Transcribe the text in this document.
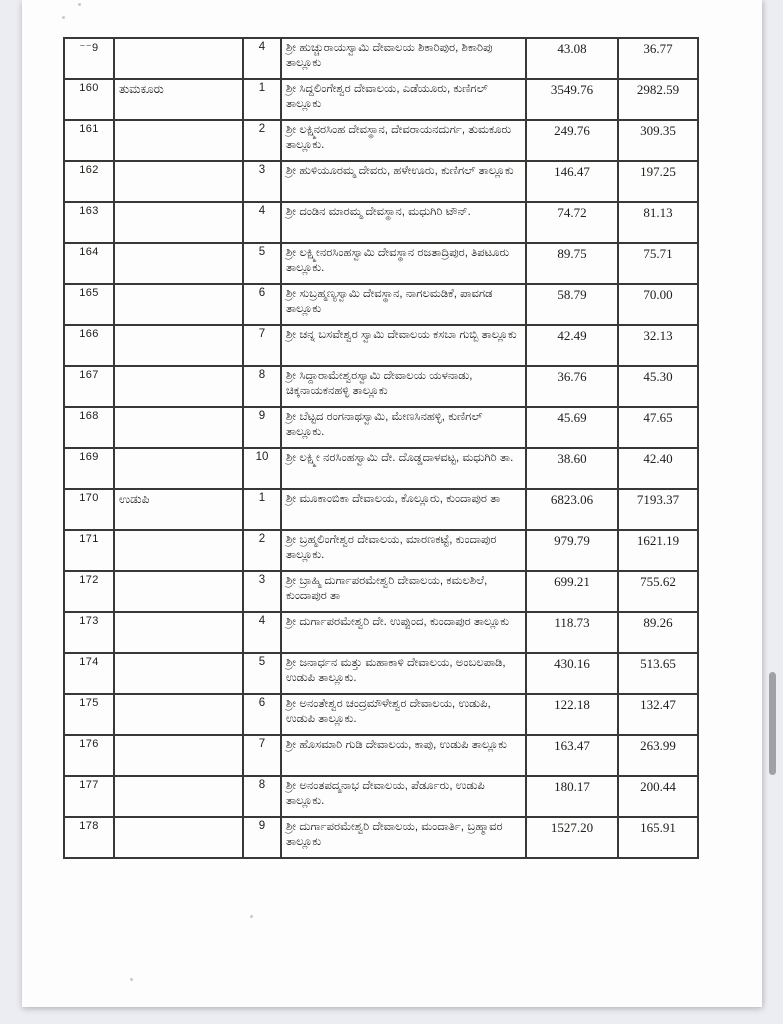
⁻⁻9		4	ಶ್ರೀ ಹುಚ್ಚುರಾಯಸ್ವಾಮಿ ದೇವಾಲಯ ಶಿಕಾರಿಪುರ, ಶಿಕಾರಿಪು ತಾಲ್ಲೂಕು	43.08	36.77
160	ತುಮಕೂರು	1	ಶ್ರೀ ಸಿದ್ದಲಿಂಗೇಶ್ವರ ದೇವಾಲಯ, ಎಡೆಯೂರು, ಕುಣಿಗಲ್ ತಾಲ್ಲೂಕು	3549.76	2982.59
161		2	ಶ್ರೀ ಲಕ್ಷ್ಮಿನರಸಿಂಹ ದೇವಸ್ಥಾನ, ದೇವರಾಯನದುರ್ಗ, ತುಮಕೂರು ತಾಲ್ಲೂಕು.	249.76	309.35
162		3	ಶ್ರೀ ಹುಳಿಯೂರಮ್ಮ ದೇವರು, ಹಳೇಊರು, ಕುಣಿಗಲ್ ತಾಲ್ಲೂಕು	146.47	197.25
163		4	ಶ್ರೀ ದಂಡಿನ ಮಾರಮ್ಮ ದೇವಸ್ಥಾನ, ಮಧುಗಿರಿ ಟೌನ್.	74.72	81.13
164		5	ಶ್ರೀ ಲಕ್ಷ್ಮೀನರಸಿಂಹಸ್ವಾಮಿ ದೇವಸ್ಥಾನ ರಜತಾದ್ರಿಪುರ, ತಿಪಟೂರು ತಾಲ್ಲೂಕು.	89.75	75.71
165		6	ಶ್ರೀ ಸುಬ್ರಹ್ಮಣ್ಯಸ್ವಾಮಿ ದೇವಸ್ಥಾನ, ನಾಗಲಮಡಿಕೆ, ಪಾವಗಡ ತಾಲ್ಲೂಕು	58.79	70.00
166		7	ಶ್ರೀ ಚನ್ನ ಬಸವೇಶ್ವರ ಸ್ವಾಮಿ ದೇವಾಲಯ ಕಸಬಾ ಗುಬ್ಬಿ ತಾಲ್ಲೂಕು	42.49	32.13
167		8	ಶ್ರೀ ಸಿದ್ದಾರಾಮೇಶ್ವರಸ್ವಾಮಿ ದೇವಾಲಯ ಯಳನಾಡು, ಚಿಕ್ಕನಾಯಕನಹಳ್ಳಿ ತಾಲ್ಲೂಕು	36.76	45.30
168		9	ಶ್ರೀ ಬೆಟ್ಟದ ರಂಗನಾಥಸ್ವಾಮಿ, ಮೇಣಸಿನಹಳ್ಳಿ, ಕುಣಿಗಲ್ ತಾಲ್ಲೂಕು.	45.69	47.65
169		10	ಶ್ರೀ ಲಕ್ಷ್ಮೀ ನರಸಿಂಹಸ್ವಾಮಿ ದೇ. ದೊಡ್ಡದಾಳವಟ್ಟ, ಮಧುಗಿರಿ ತಾ.	38.60	42.40
170	ಉಡುಪಿ	1	ಶ್ರೀ ಮೂಕಾಂಬಿಕಾ ದೇವಾಲಯ, ಕೊಲ್ಲೂರು, ಕುಂದಾಪುರ ತಾ	6823.06	7193.37
171		2	ಶ್ರೀ ಬ್ರಹ್ಮಲಿಂಗೇಶ್ವರ ದೇವಾಲಯ, ಮಾರಣಕಟ್ಟೆ, ಕುಂದಾಪುರ ತಾಲ್ಲೂಕು.	979.79	1621.19
172		3	ಶ್ರೀ ಬ್ರಾಹ್ಮಿ ದುರ್ಗಾಪರಮೇಶ್ವರಿ ದೇವಾಲಯ, ಕಮಲಶಿಲೆ, ಕುಂದಾಪುರ ತಾ	699.21	755.62
173		4	ಶ್ರೀ ದುರ್ಗಾಪರಮೇಶ್ವರಿ ದೇ. ಉಪ್ಪುಂದ, ಕುಂದಾಪುರ ತಾಲ್ಲೂಕು	118.73	89.26
174		5	ಶ್ರೀ ಜನಾರ್ಧನ ಮತ್ತು ಮಹಾಕಾಳಿ ದೇವಾಲಯ, ಅಂಬಲಪಾಡಿ, ಉಡುಪಿ ತಾಲ್ಲೂಕು.	430.16	513.65
175		6	ಶ್ರೀ ಅನಂತೇಶ್ವರ ಚಂದ್ರಮೌಳೇಶ್ವರ ದೇವಾಲಯ, ಉಡುಪಿ, ಉಡುಪಿ ತಾಲ್ಲೂಕು.	122.18	132.47
176		7	ಶ್ರೀ ಹೊಸಮಾರಿ ಗುಡಿ ದೇವಾಲಯ, ಕಾಪು, ಉಡುಪಿ ತಾಲ್ಲೂಕು	163.47	263.99
177		8	ಶ್ರೀ ಅನಂತಪದ್ಮನಾಭ ದೇವಾಲಯ, ಪೆರ್ಡೂರು, ಉಡುಪಿ ತಾಲ್ಲೂಕು.	180.17	200.44
178		9	ಶ್ರೀ ದುರ್ಗಾಪರಮೇಶ್ವರಿ ದೇವಾಲಯ, ಮಂದಾರ್ತಿ, ಬ್ರಹ್ಮಾವರ ತಾಲ್ಲೂಕು	1527.20	165.91
